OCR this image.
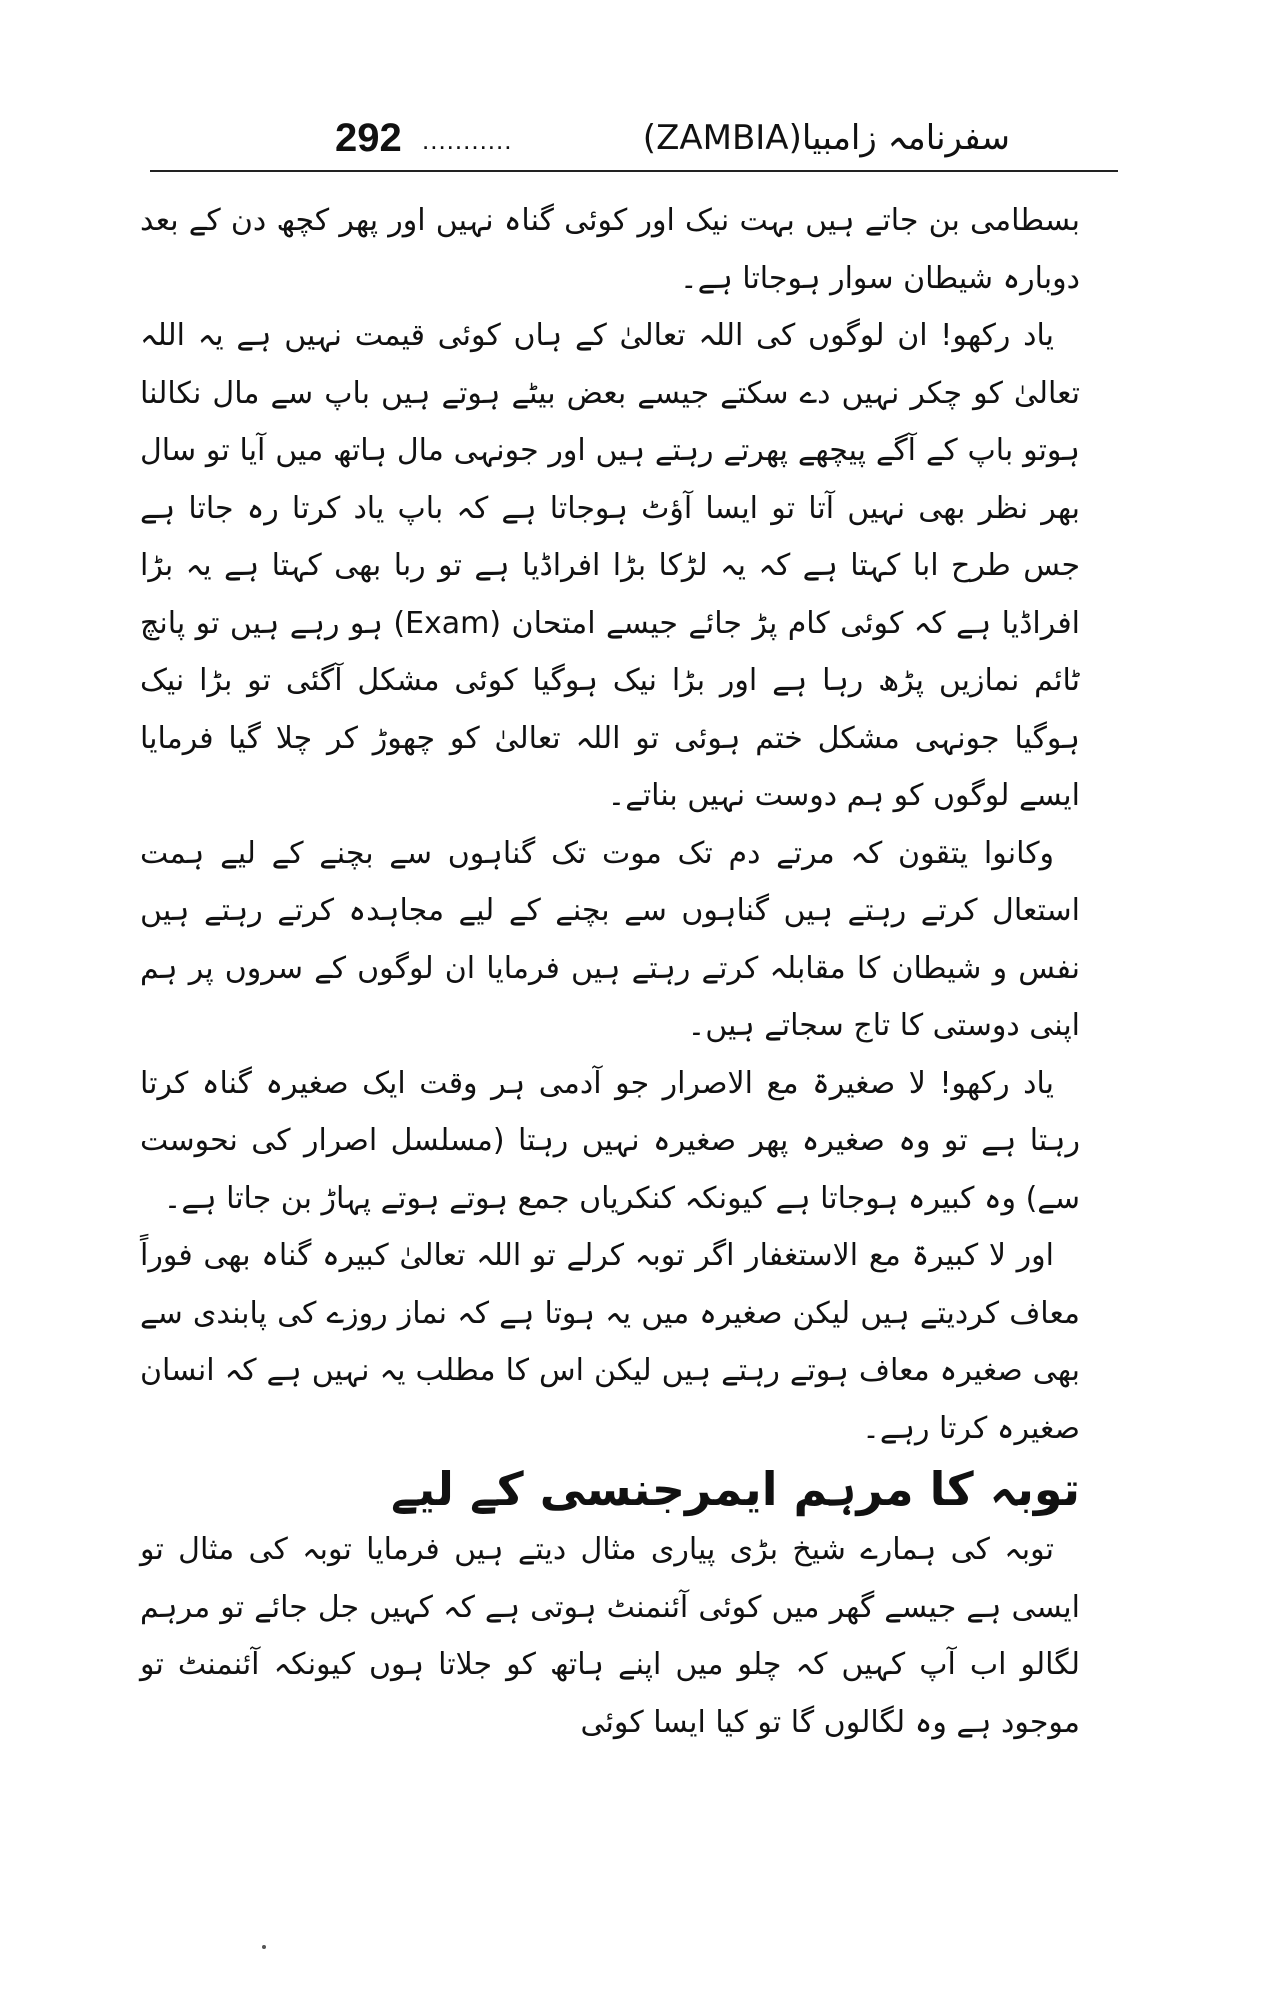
292 ...........	سفرنامہ زامبیا(ZAMBIA)

بسطامی بن جاتے ہیں بہت نیک اور کوئی گناہ نہیں اور پھر کچھ دن کے بعد دوبارہ شیطان سوار ہوجاتا ہے۔

یاد رکھو! ان لوگوں کی اللہ تعالیٰ کے ہاں کوئی قیمت نہیں ہے یہ اللہ تعالیٰ کو چکر نہیں دے سکتے جیسے بعض بیٹے ہوتے ہیں باپ سے مال نکالنا ہوتو باپ کے آگے پیچھے پھرتے رہتے ہیں اور جونہی مال ہاتھ میں آیا تو سال بھر نظر بھی نہیں آتا تو ایسا آؤٹ ہوجاتا ہے کہ باپ یاد کرتا رہ جاتا ہے جس طرح ابا کہتا ہے کہ یہ لڑکا بڑا افراڈیا ہے تو ربا بھی کہتا ہے یہ بڑا افراڈیا ہے کہ کوئی کام پڑ جائے جیسے امتحان (Exam) ہو رہے ہیں تو پانچ ٹائم نمازیں پڑھ رہا ہے اور بڑا نیک ہوگیا کوئی مشکل آگئی تو بڑا نیک ہوگیا جونہی مشکل ختم ہوئی تو اللہ تعالیٰ کو چھوڑ کر چلا گیا فرمایا ایسے لوگوں کو ہم دوست نہیں بناتے۔

وکانوا یتقون کہ مرتے دم تک موت تک گناہوں سے بچنے کے لیے ہمت استعال کرتے رہتے ہیں گناہوں سے بچنے کے لیے مجاہدہ کرتے رہتے ہیں نفس و شیطان کا مقابلہ کرتے رہتے ہیں فرمایا ان لوگوں کے سروں پر ہم اپنی دوستی کا تاج سجاتے ہیں۔

یاد رکھو! لا صغیرۃ مع الاصرار جو آدمی ہر وقت ایک صغیرہ گناہ کرتا رہتا ہے تو وہ صغیرہ پھر صغیرہ نہیں رہتا (مسلسل اصرار کی نحوست سے) وہ کبیرہ ہوجاتا ہے کیونکہ کنکریاں جمع ہوتے ہوتے پہاڑ بن جاتا ہے۔

اور لا کبیرۃ مع الاستغفار اگر توبہ کرلے تو اللہ تعالیٰ کبیرہ گناہ بھی فوراً معاف کردیتے ہیں لیکن صغیرہ میں یہ ہوتا ہے کہ نماز روزے کی پابندی سے بھی صغیرہ معاف ہوتے رہتے ہیں لیکن اس کا مطلب یہ نہیں ہے کہ انسان صغیرہ کرتا رہے۔

توبہ کا مرہم ایمرجنسی کے لیے

توبہ کی ہمارے شیخ بڑی پیاری مثال دیتے ہیں فرمایا توبہ کی مثال تو ایسی ہے جیسے گھر میں کوئی آئنمنٹ ہوتی ہے کہ کہیں جل جائے تو مرہم لگالو اب آپ کہیں کہ چلو میں اپنے ہاتھ کو جلاتا ہوں کیونکہ آئنمنٹ تو موجود ہے وہ لگالوں گا تو کیا ایسا کوئی
